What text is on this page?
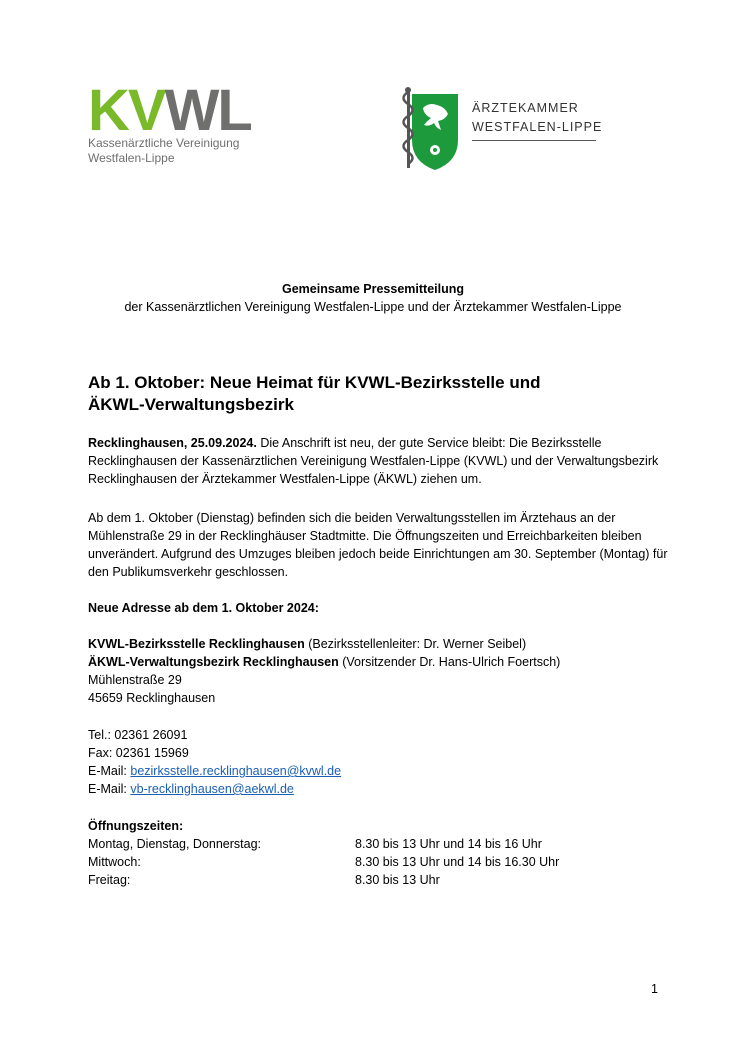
KVWL
Kassenärztliche Vereinigung
Westfalen-Lippe
ÄRZTEKAMMER
WESTFALEN-LIPPE
Gemeinsame Pressemitteilung
der Kassenärztlichen Vereinigung Westfalen-Lippe und der Ärztekammer Westfalen-Lippe
Ab 1. Oktober: Neue Heimat für KVWL-Bezirksstelle und
ÄKWL-Verwaltungsbezirk
Recklinghausen, 25.09.2024. Die Anschrift ist neu, der gute Service bleibt: Die Bezirksstelle Recklinghausen der Kassenärztlichen Vereinigung Westfalen-Lippe (KVWL) und der Verwaltungsbezirk Recklinghausen der Ärztekammer Westfalen-Lippe (ÄKWL) ziehen um.
Ab dem 1. Oktober (Dienstag) befinden sich die beiden Verwaltungsstellen im Ärztehaus an der Mühlenstraße 29 in der Recklinghäuser Stadtmitte. Die Öffnungszeiten und Erreichbarkeiten bleiben unverändert. Aufgrund des Umzuges bleiben jedoch beide Einrichtungen am 30. September (Montag) für den Publikumsverkehr geschlossen.
Neue Adresse ab dem 1. Oktober 2024:
KVWL-Bezirksstelle Recklinghausen (Bezirksstellenleiter: Dr. Werner Seibel)
ÄKWL-Verwaltungsbezirk Recklinghausen (Vorsitzender Dr. Hans-Ulrich Foertsch)
Mühlenstraße 29
45659 Recklinghausen
Tel.: 02361 26091
Fax: 02361 15969
E-Mail: bezirksstelle.recklinghausen@kvwl.de
E-Mail: vb-recklinghausen@aekwl.de
Öffnungszeiten:
Montag, Dienstag, Donnerstag:	8.30 bis 13 Uhr und 14 bis 16 Uhr
Mittwoch:	8.30 bis 13 Uhr und 14 bis 16.30 Uhr
Freitag:	8.30 bis 13 Uhr
1
